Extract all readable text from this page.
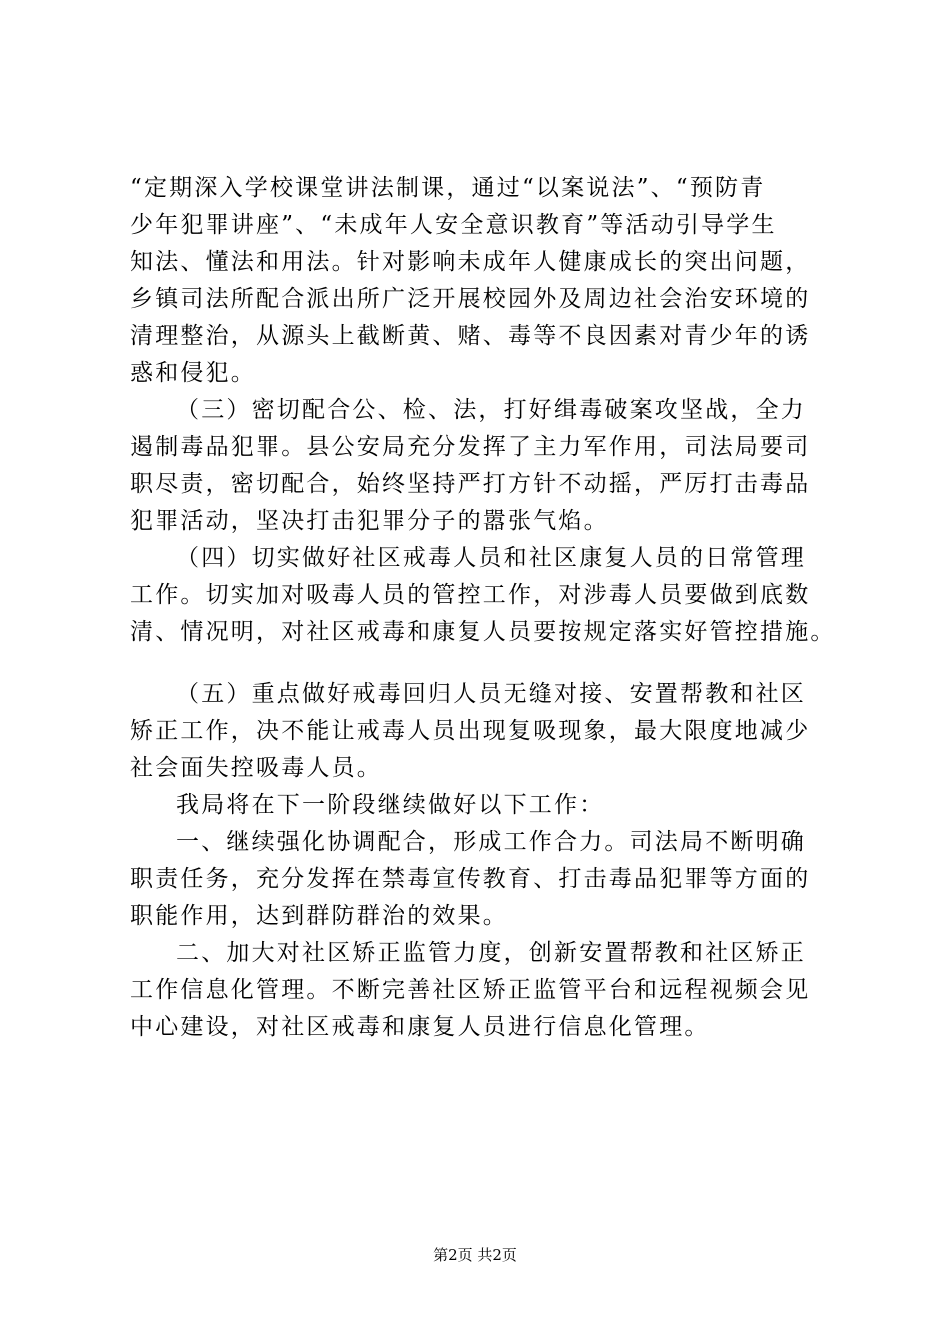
“定期深入学校课堂讲法制课，通过“以案说法”、“预防青
少年犯罪讲座”、“未成年人安全意识教育”等活动引导学生
知法、懂法和用法。针对影响未成年人健康成长的突出问题，
乡镇司法所配合派出所广泛开展校园外及周边社会治安环境的
清理整治，从源头上截断黄、赌、毒等不良因素对青少年的诱
惑和侵犯。
（三）密切配合公、检、法，打好缉毒破案攻坚战，全力
遏制毒品犯罪。县公安局充分发挥了主力军作用，司法局要司
职尽责，密切配合，始终坚持严打方针不动摇，严厉打击毒品
犯罪活动，坚决打击犯罪分子的嚣张气焰。
（四）切实做好社区戒毒人员和社区康复人员的日常管理
工作。切实加对吸毒人员的管控工作，对涉毒人员要做到底数
清、情况明，对社区戒毒和康复人员要按规定落实好管控措施。
（五）重点做好戒毒回归人员无缝对接、安置帮教和社区
矫正工作，决不能让戒毒人员出现复吸现象，最大限度地减少
社会面失控吸毒人员。
我局将在下一阶段继续做好以下工作：
一、继续强化协调配合，形成工作合力。司法局不断明确
职责任务，充分发挥在禁毒宣传教育、打击毒品犯罪等方面的
职能作用，达到群防群治的效果。
二、加大对社区矫正监管力度，创新安置帮教和社区矫正
工作信息化管理。不断完善社区矫正监管平台和远程视频会见
中心建设，对社区戒毒和康复人员进行信息化管理。
第2页 共2页
